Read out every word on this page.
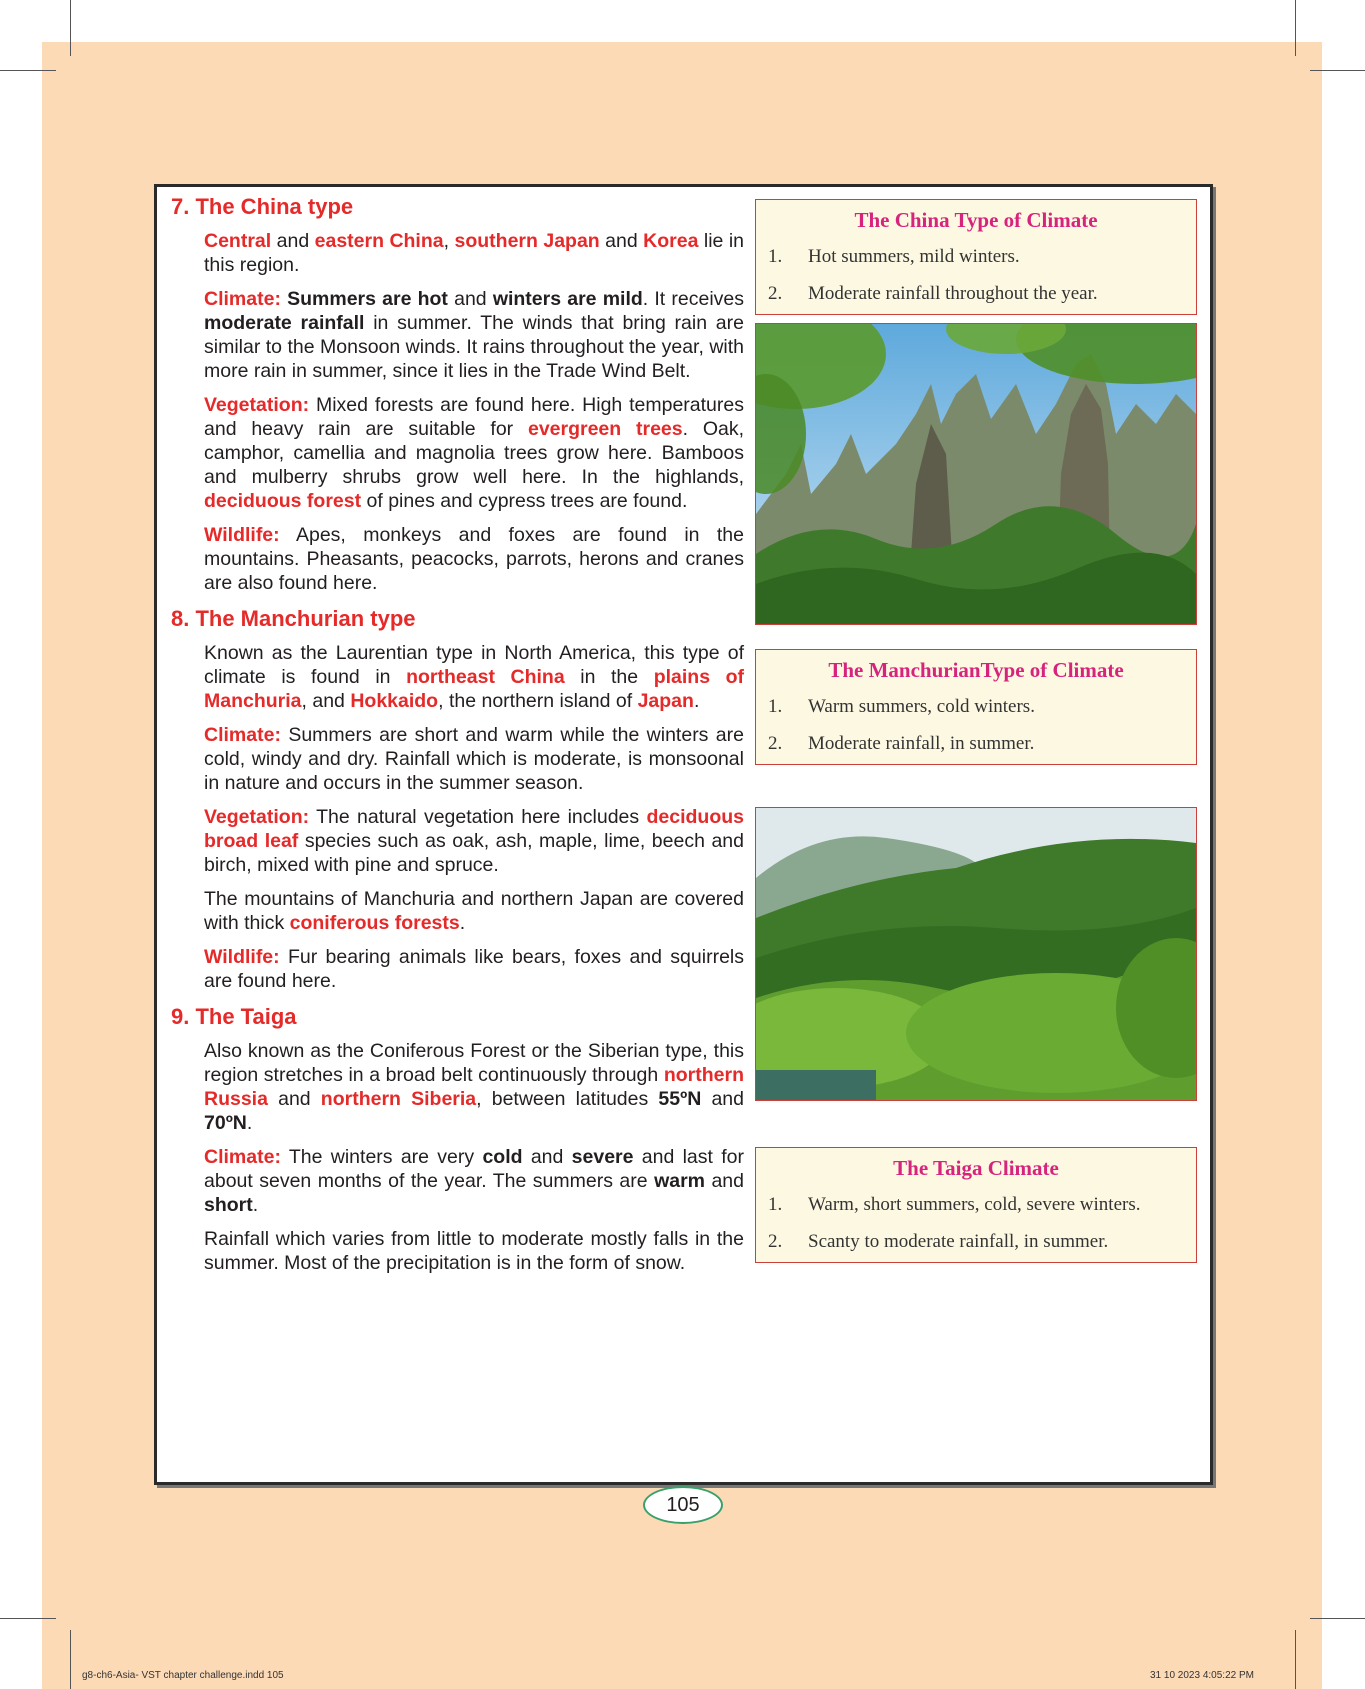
7. The China type

Central and eastern China, southern Japan and Korea lie in this region.

Climate: Summers are hot and winters are mild. It receives moderate rainfall in summer. The winds that bring rain are similar to the Monsoon winds. It rains throughout the year, with more rain in summer, since it lies in the Trade Wind Belt.

Vegetation: Mixed forests are found here. High temperatures and heavy rain are suitable for evergreen trees. Oak, camphor, camellia and magnolia trees grow here. Bamboos and mulberry shrubs grow well here. In the highlands, deciduous forest of pines and cypress trees are found.

Wildlife: Apes, monkeys and foxes are found in the mountains. Pheasants, peacocks, parrots, herons and cranes are also found here.

8. The Manchurian type

Known as the Laurentian type in North America, this type of climate is found in northeast China in the plains of Manchuria, and Hokkaido, the northern island of Japan.

Climate: Summers are short and warm while the winters are cold, windy and dry. Rainfall which is moderate, is monsoonal in nature and occurs in the summer season.

Vegetation: The natural vegetation here includes deciduous broad leaf species such as oak, ash, maple, lime, beech and birch, mixed with pine and spruce.

The mountains of Manchuria and northern Japan are covered with thick coniferous forests.

Wildlife: Fur bearing animals like bears, foxes and squirrels are found here.

9. The Taiga

Also known as the Coniferous Forest or the Siberian type, this region stretches in a broad belt continuously through northern Russia and northern Siberia, between latitudes 55ºN and 70ºN.

Climate: The winters are very cold and severe and last for about seven months of the year. The summers are warm and short.

Rainfall which varies from little to moderate mostly falls in the summer. Most of the precipitation is in the form of snow.

The China Type of Climate
1.	Hot summers, mild winters.
2.	Moderate rainfall throughout the year.
The ManchurianType of Climate
1.	Warm summers, cold winters.
2.	Moderate rainfall, in summer.
The Taiga Climate
1.	Warm, short summers, cold, severe winters.
2.	Scanty to moderate rainfall, in summer.
105
g8-ch6-Asia- VST chapter challenge.indd 105	31 10 2023 4:05:22 PM
